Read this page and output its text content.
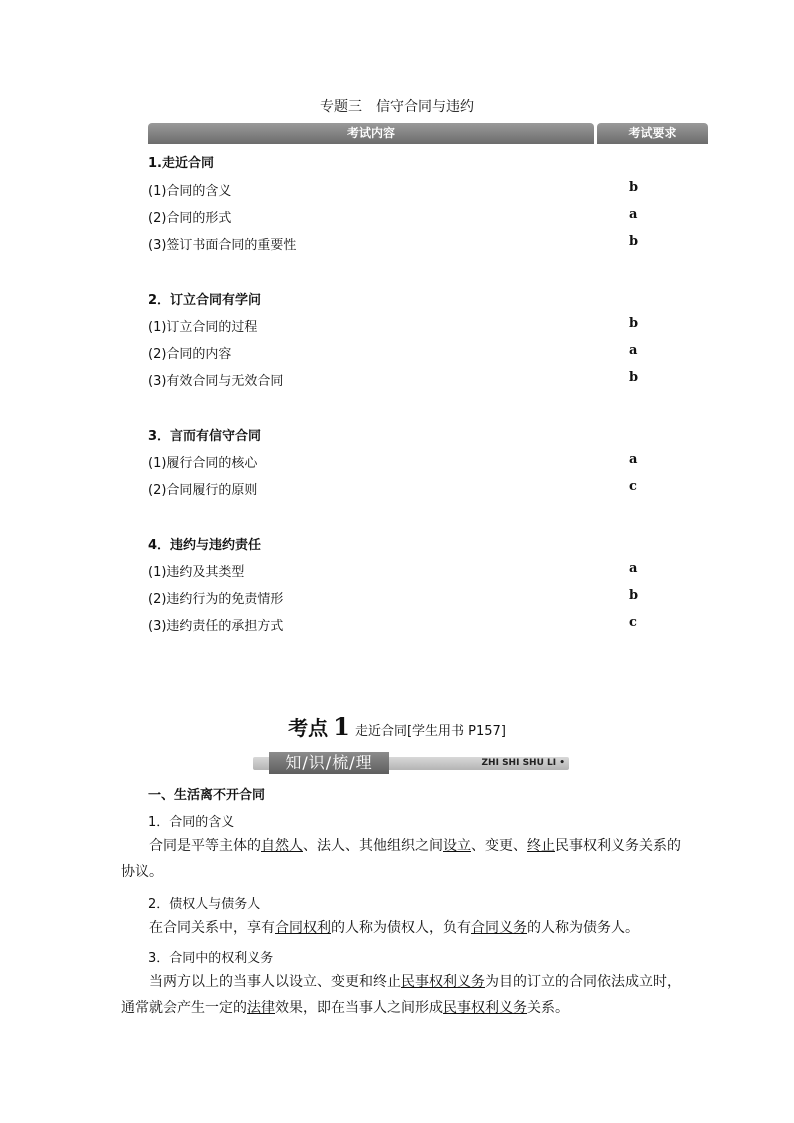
专题三　信守合同与违约
考试内容	考试要求
1.走近合同
(1)合同的含义	b
(2)合同的形式	a
(3)签订书面合同的重要性	b
2．订立合同有学问
(1)订立合同的过程	b
(2)合同的内容	a
(3)有效合同与无效合同	b
3．言而有信守合同
(1)履行合同的核心	a
(2)合同履行的原则	c
4．违约与违约责任
(1)违约及其类型	a
(2)违约行为的免责情形	b
(3)违约责任的承担方式	c
考点 1 走近合同[学生用书 P157]
知/识/梳/理	ZHI SHI SHU LI •
一、生活离不开合同
1．合同的含义
合同是平等主体的自然人、法人、其他组织之间设立、变更、终止民事权利义务关系的协议。
2．债权人与债务人
在合同关系中，享有合同权利的人称为债权人，负有合同义务的人称为债务人。
3．合同中的权利义务
当两方以上的当事人以设立、变更和终止民事权利义务为目的订立的合同依法成立时，通常就会产生一定的法律效果，即在当事人之间形成民事权利义务关系。
